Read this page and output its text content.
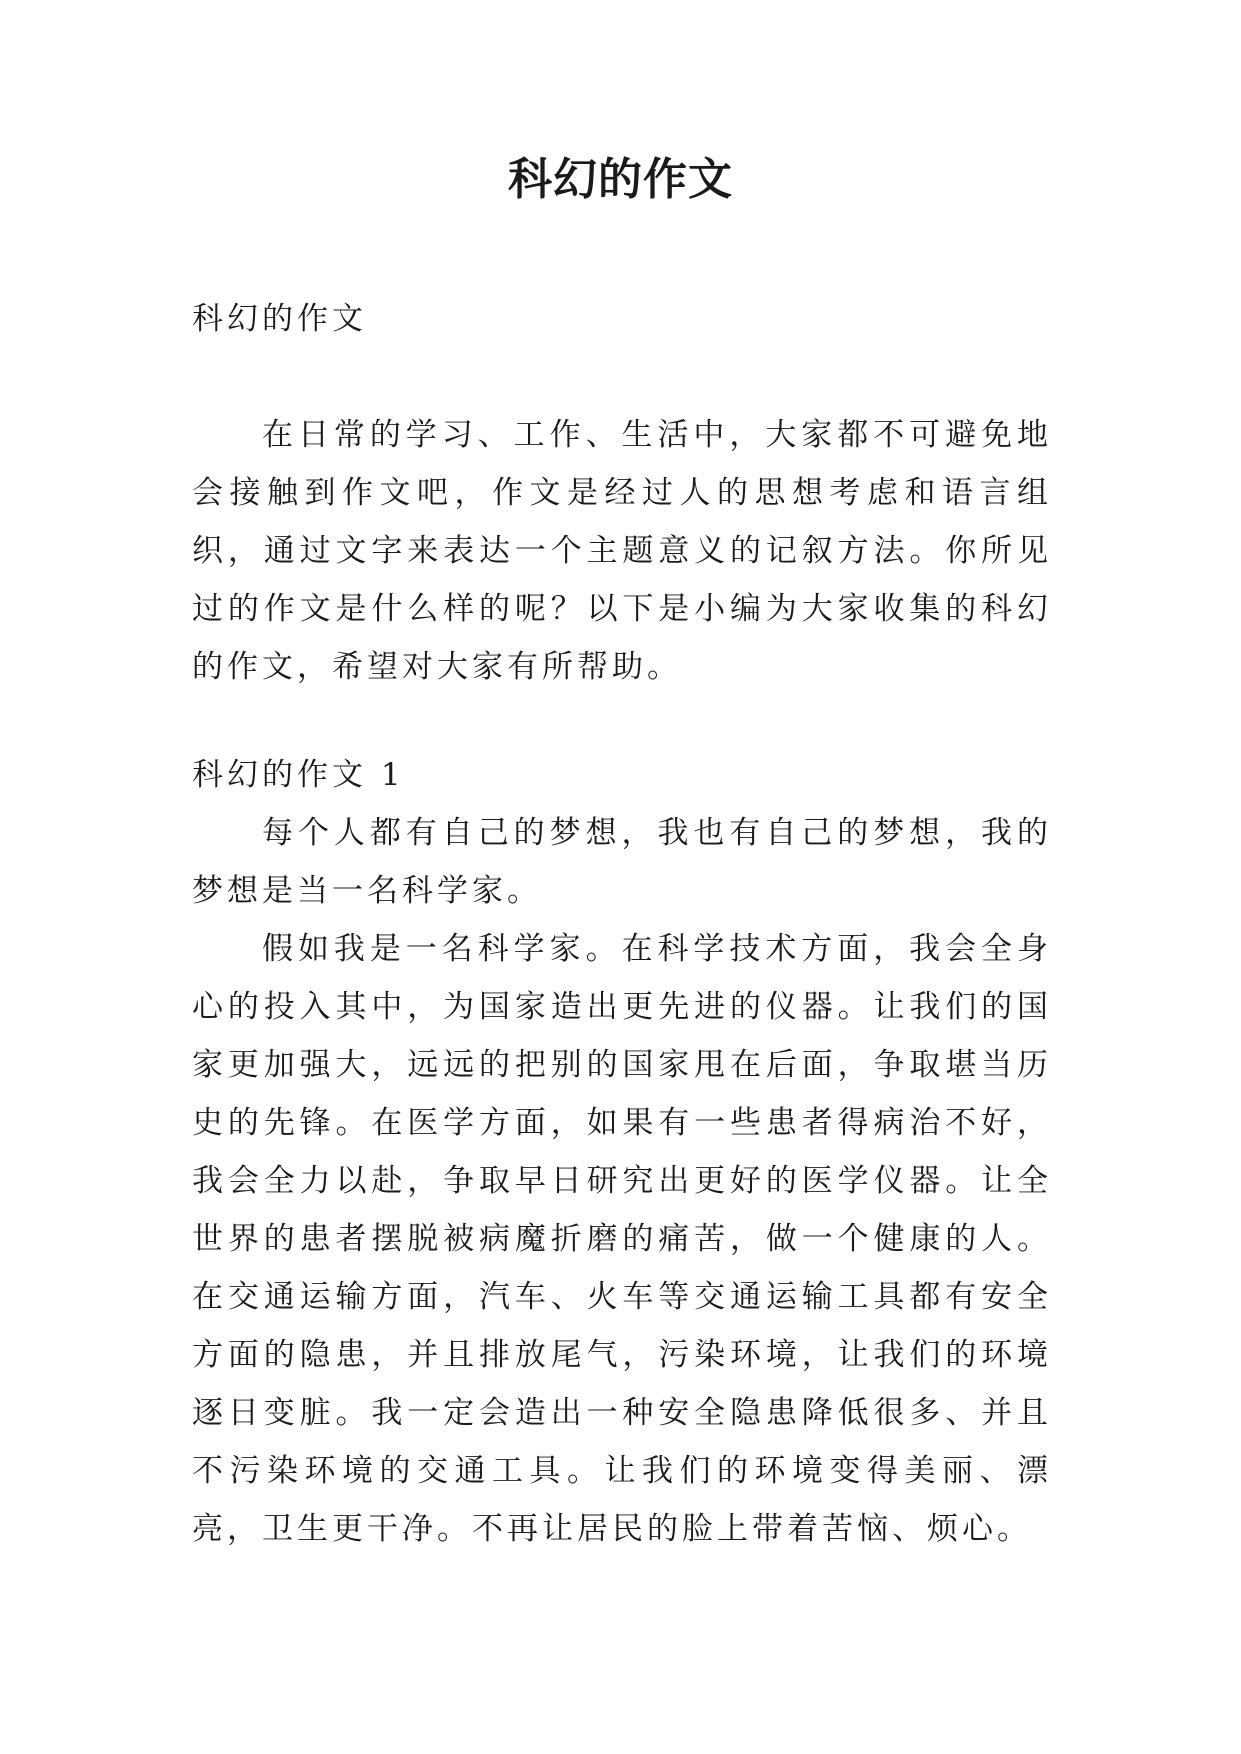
科幻的作文

科幻的作文

在日常的学习、工作、生活中，大家都不可避免地会接触到作文吧，作文是经过人的思想考虑和语言组织，通过文字来表达一个主题意义的记叙方法。你所见过的作文是什么样的呢？以下是小编为大家收集的科幻的作文，希望对大家有所帮助。

科幻的作文 1

每个人都有自己的梦想，我也有自己的梦想，我的梦想是当一名科学家。

假如我是一名科学家。在科学技术方面，我会全身心的投入其中，为国家造出更先进的仪器。让我们的国家更加强大，远远的把别的国家甩在后面，争取堪当历史的先锋。在医学方面，如果有一些患者得病治不好，我会全力以赴，争取早日研究出更好的医学仪器。让全世界的患者摆脱被病魔折磨的痛苦，做一个健康的人。在交通运输方面，汽车、火车等交通运输工具都有安全方面的隐患，并且排放尾气，污染环境，让我们的环境逐日变脏。我一定会造出一种安全隐患降低很多、并且不污染环境的交通工具。让我们的环境变得美丽、漂亮，卫生更干净。不再让居民的脸上带着苦恼、烦心。
